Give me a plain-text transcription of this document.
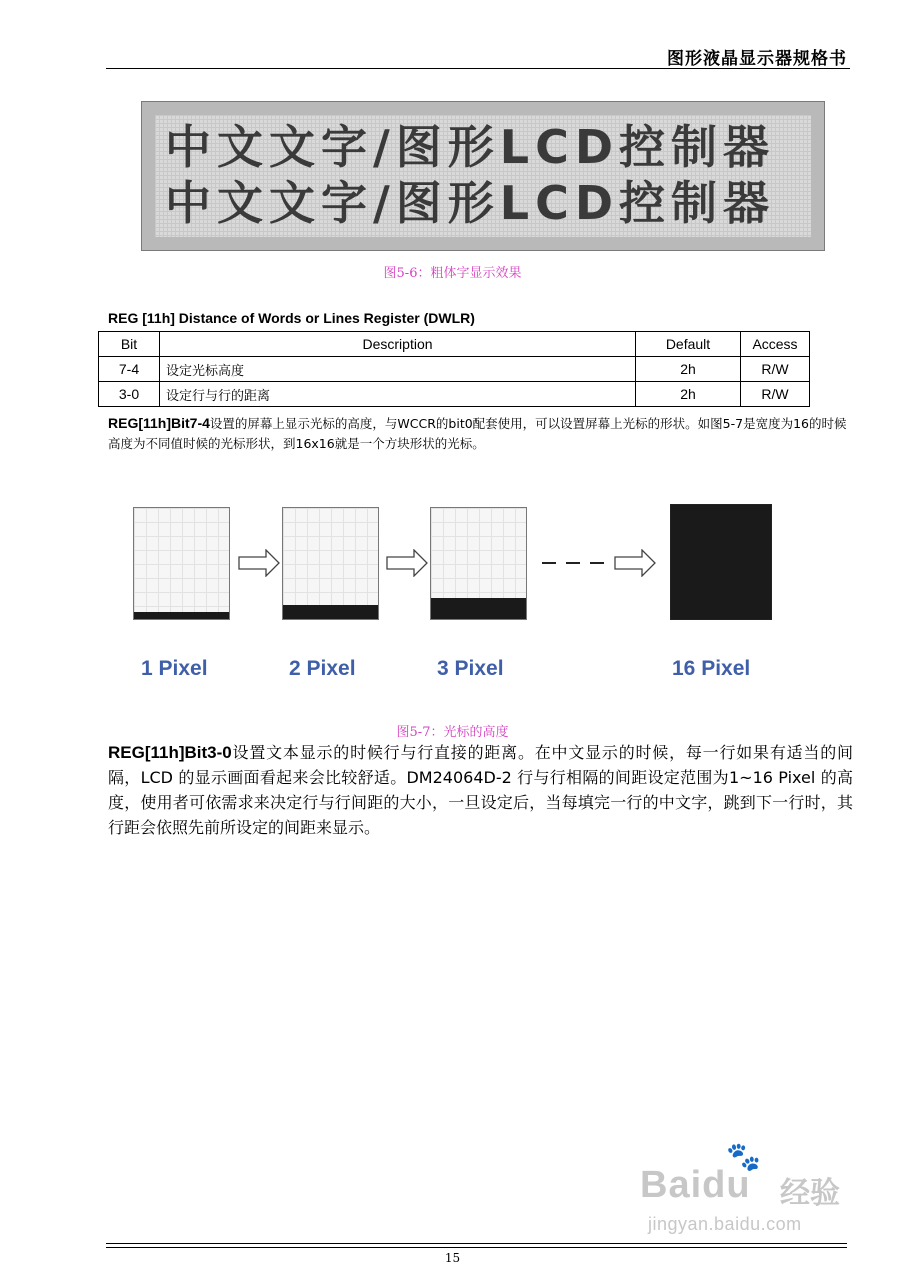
图形液晶显示器规格书
中文文字/图形LCD控制器
中文文字/图形LCD控制器
图5-6：粗体字显示效果
REG [11h] Distance of Words or Lines Register (DWLR)
Bit	Description	Default	Access
7-4	设定光标高度	2h	R/W
3-0	设定行与行的距离	2h	R/W
REG[11h]Bit7-4设置的屏幕上显示光标的高度，与WCCR的bit0配套使用，可以设置屏幕上光标的形状。如图5-7是宽度为16的时候高度为不同值时候的光标形状，到16x16就是一个方块形状的光标。
1 Pixel	2 Pixel	3 Pixel	16 Pixel
图5-7：光标的高度
REG[11h]Bit3-0设置文本显示的时候行与行直接的距离。在中文显示的时候，每一行如果有适当的间隔，LCD 的显示画面看起来会比较舒适。DM24064D-2 行与行相隔的间距设定范围为1~16 Pixel 的高度，使用者可依需求来决定行与行间距的大小，一旦设定后，当每填完一行的中文字，跳到下一行时，其行距会依照先前所设定的间距来显示。
🐾
Baidu 经验
jingyan.baidu.com
15
